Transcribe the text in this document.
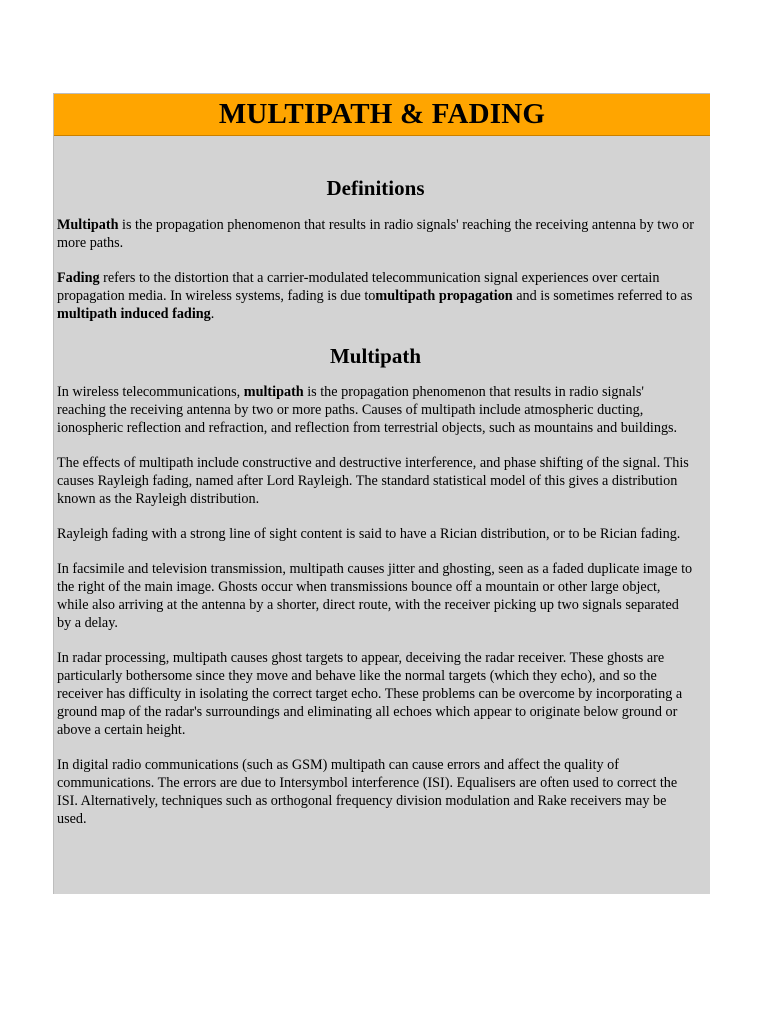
MULTIPATH & FADING
Definitions

Multipath is the propagation phenomenon that results in radio signals' reaching the receiving antenna by two or more paths.

Fading refers to the distortion that a carrier-modulated telecommunication signal experiences over certain propagation media. In wireless systems, fading is due tomultipath propagation and is sometimes referred to as multipath induced fading.

Multipath

In wireless telecommunications, multipath is the propagation phenomenon that results in radio signals' reaching the receiving antenna by two or more paths. Causes of multipath include atmospheric ducting, ionospheric reflection and refraction, and reflection from terrestrial objects, such as mountains and buildings.

The effects of multipath include constructive and destructive interference, and phase shifting of the signal. This causes Rayleigh fading, named after Lord Rayleigh. The standard statistical model of this gives a distribution known as the Rayleigh distribution.

Rayleigh fading with a strong line of sight content is said to have a Rician distribution, or to be Rician fading.

In facsimile and television transmission, multipath causes jitter and ghosting, seen as a faded duplicate image to the right of the main image. Ghosts occur when transmissions bounce off a mountain or other large object, while also arriving at the antenna by a shorter, direct route, with the receiver picking up two signals separated by a delay.

In radar processing, multipath causes ghost targets to appear, deceiving the radar receiver. These ghosts are particularly bothersome since they move and behave like the normal targets (which they echo), and so the receiver has difficulty in isolating the correct target echo. These problems can be overcome by incorporating a ground map of the radar's surroundings and eliminating all echoes which appear to originate below ground or above a certain height.

In digital radio communications (such as GSM) multipath can cause errors and affect the quality of communications. The errors are due to Intersymbol interference (ISI). Equalisers are often used to correct the ISI. Alternatively, techniques such as orthogonal frequency division modulation and Rake receivers may be used.
